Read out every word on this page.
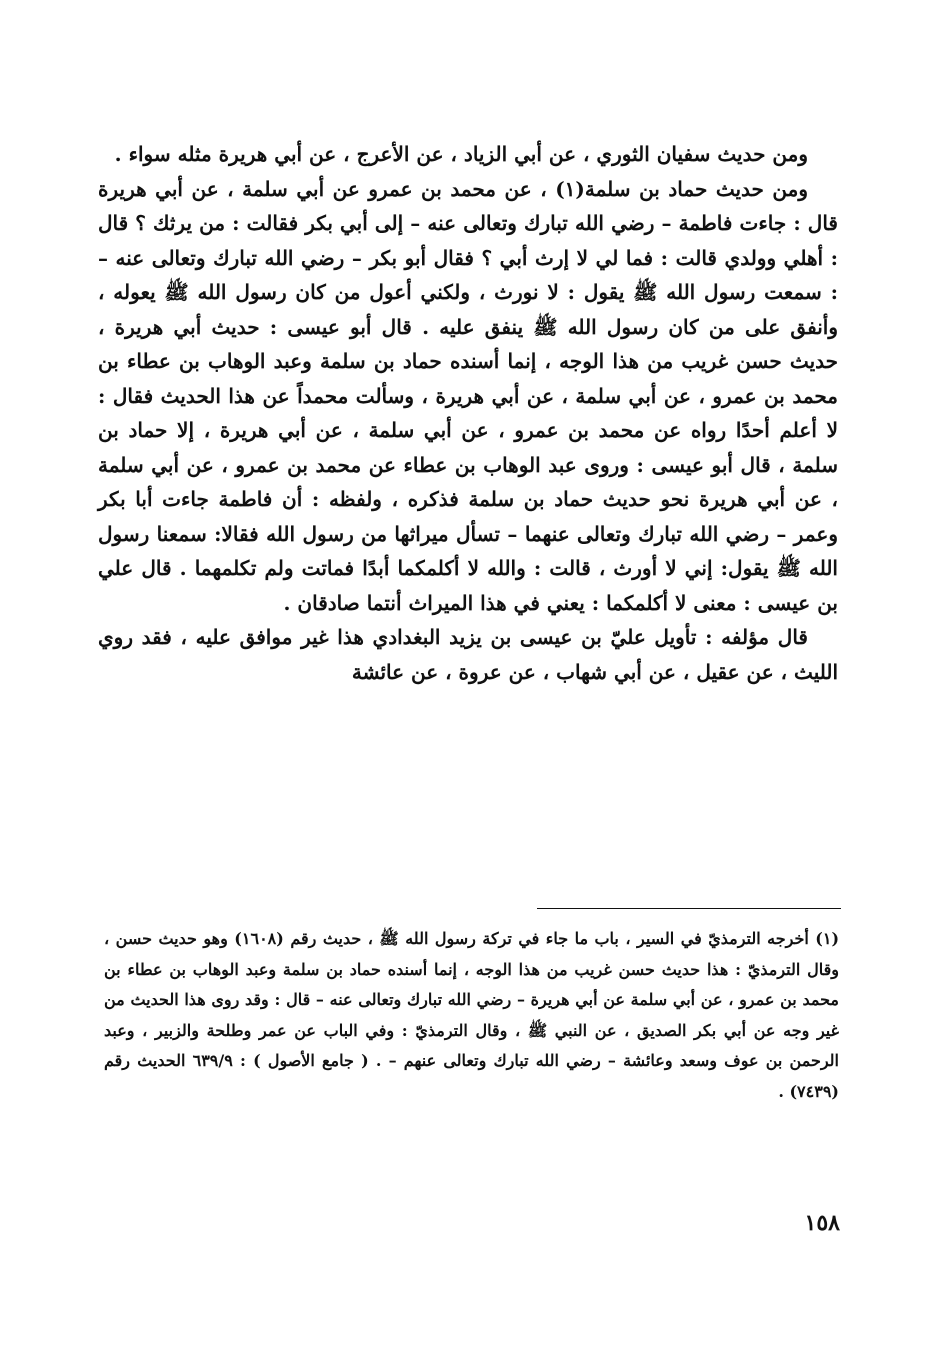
ومن حديث سفيان الثوري ، عن أبي الزياد ، عن الأعرج ، عن أبي هريرة مثله سواء .

ومن حديث حماد بن سلمة(١) ، عن محمد بن عمرو عن أبي سلمة ، عن أبي هريرة قال : جاءت فاطمة – رضي الله تبارك وتعالى عنه – إلى أبي بكر فقالت : من يرثك ؟ قال : أهلي وولدي قالت : فما لي لا إرث أبي ؟ فقال أبو بكر – رضي الله تبارك وتعالى عنه – : سمعت رسول الله ﷺ يقول : لا نورث ، ولكني أعول من كان رسول الله ﷺ يعوله ، وأنفق على من كان رسول الله ﷺ ينفق عليه . قال أبو عيسى : حديث أبي هريرة ، حديث حسن غريب من هذا الوجه ، إنما أسنده حماد بن سلمة وعبد الوهاب بن عطاء بن محمد بن عمرو ، عن أبي سلمة ، عن أبي هريرة ، وسألت محمداً عن هذا الحديث فقال : لا أعلم أحدًا رواه عن محمد بن عمرو ، عن أبي سلمة ، عن أبي هريرة ، إلا حماد بن سلمة ، قال أبو عيسى : وروى عبد الوهاب بن عطاء عن محمد بن عمرو ، عن أبي سلمة ، عن أبي هريرة نحو حديث حماد بن سلمة فذكره ، ولفظه : أن فاطمة جاءت أبا بكر وعمر – رضي الله تبارك وتعالى عنهما – تسأل ميراثها من رسول الله فقالا: سمعنا رسول الله ﷺ يقول: إني لا أورث ، قالت : والله لا أكلمكما أبدًا فماتت ولم تكلمهما . قال علي بن عيسى : معنى لا أكلمكما : يعني في هذا الميراث أنتما صادقان .

قال مؤلفه : تأويل عليّ بن عيسى بن يزيد البغدادي هذا غير موافق عليه ، فقد روي الليث ، عن عقيل ، عن أبي شهاب ، عن عروة ، عن عائشة

(١) أخرجه الترمذيّ في السير ، باب ما جاء في تركة رسول الله ﷺ ، حديث رقم (١٦٠٨) وهو حديث حسن ، وقال الترمذيّ : هذا حديث حسن غريب من هذا الوجه ، إنما أسنده حماد بن سلمة وعبد الوهاب بن عطاء بن محمد بن عمرو ، عن أبي سلمة عن أبي هريرة – رضي الله تبارك وتعالى عنه – قال : وقد روى هذا الحديث من غير وجه عن أبي بكر الصديق ، عن النبي ﷺ ، وقال الترمذيّ : وفي الباب عن عمر وطلحة والزبير ، وعبد الرحمن بن عوف وسعد وعائشة – رضي الله تبارك وتعالى عنهم – . ( جامع الأصول ) : ٦٣٩/٩ الحديث رقم (٧٤٣٩) .

١٥٨
